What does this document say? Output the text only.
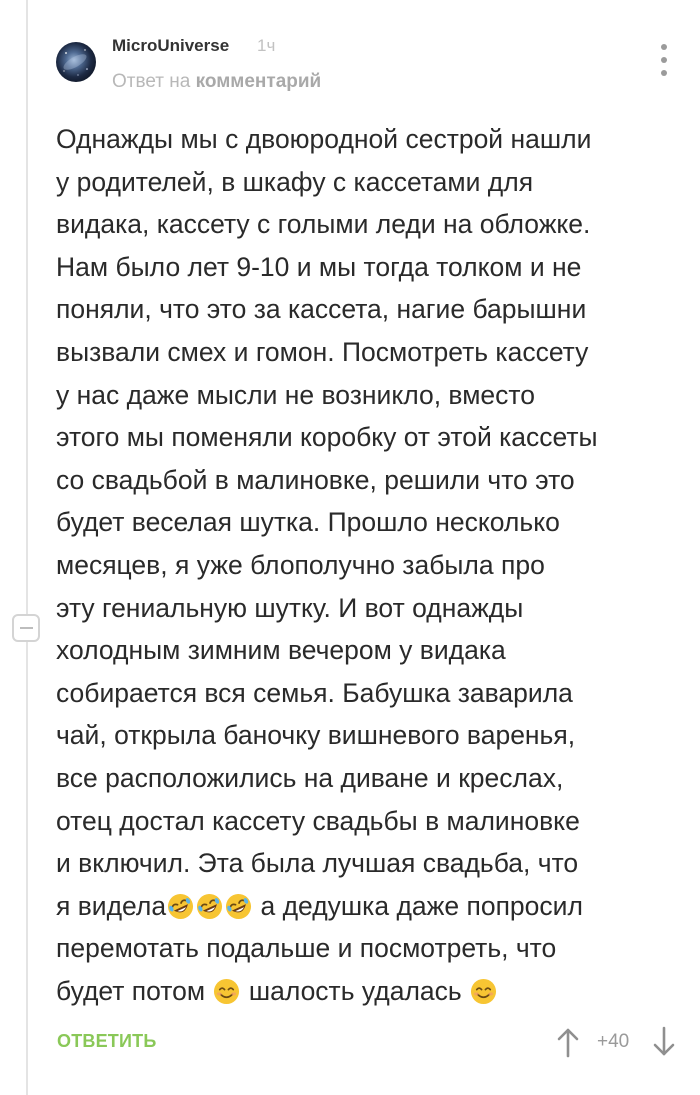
MicroUniverse 1ч
Ответ на комментарий
Однажды мы с двоюродной сестрой нашли
у родителей, в шкафу с кассетами для
видака, кассету с голыми леди на обложке.
Нам было лет 9-10 и мы тогда толком и не
поняли, что это за кассета, нагие барышни
вызвали смех и гомон. Посмотреть кассету
у нас даже мысли не возникло, вместо
этого мы поменяли коробку от этой кассеты
со свадьбой в малиновке, решили что это
будет веселая шутка. Прошло несколько
месяцев, я уже блополучно забыла про
эту гениальную шутку. И вот однажды
холодным зимним вечером у видака
собирается вся семья. Бабушка заварила
чай, открыла баночку вишневого варенья,
все расположились на диване и креслах,
отец достал кассету свадьбы в малиновке
и включил. Эта была лучшая свадьба, что
я видела	а дедушка даже попросил
перемотать подальше и посмотреть, что
будет потом  шалость удалась
ОТВЕТИТЬ	+40
